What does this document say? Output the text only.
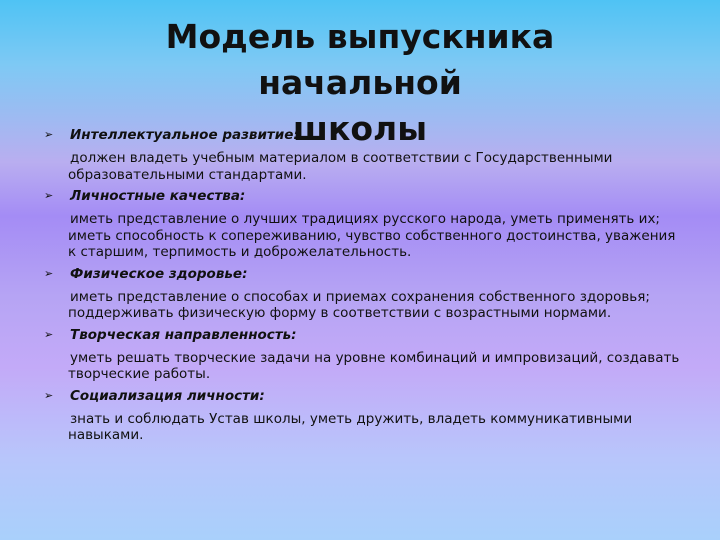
Модель выпускника начальной
школы
➢	Интеллектуальное развитие:
должен владеть учебным материалом в соответствии с Государственными образовательными стандартами.
➢	Личностные качества:
иметь представление о лучших традициях русского народа, уметь применять их; иметь способность к сопереживанию, чувство собственного достоинства, уважения к старшим, терпимость и доброжелательность.
➢	Физическое здоровье:
иметь представление о способах и приемах сохранения собственного здоровья; поддерживать физическую форму в соответствии с возрастными нормами.
➢	Творческая направленность:
уметь решать творческие задачи на уровне комбинаций и импровизаций, создавать творческие работы.
➢	Социализация личности:
знать и соблюдать Устав школы, уметь дружить, владеть коммуникативными навыками.
